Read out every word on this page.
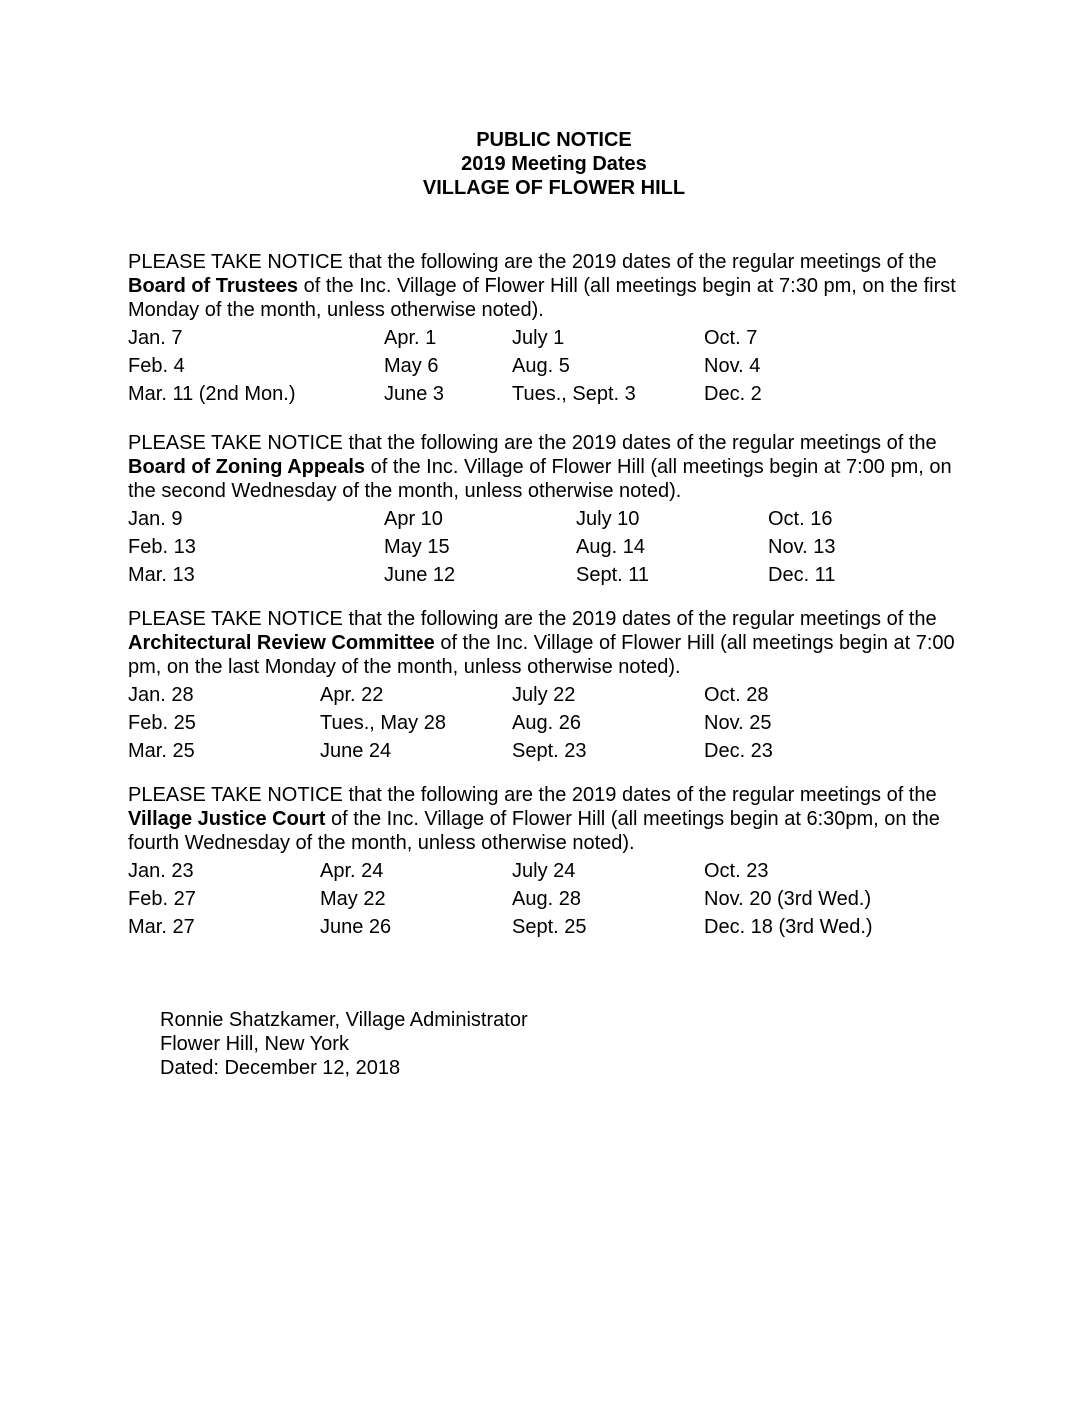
PUBLIC NOTICE
2019 Meeting Dates
VILLAGE OF FLOWER HILL

PLEASE TAKE NOTICE that the following are the 2019 dates of the regular meetings of the Board of Trustees of the Inc. Village of Flower Hill (all meetings begin at 7:30 pm, on the first Monday of the month, unless otherwise noted).

Jan. 7	Apr. 1	July 1	Oct. 7
Feb. 4	May 6	Aug. 5	Nov. 4
Mar. 11 (2nd Mon.)	June 3	Tues., Sept. 3	Dec. 2

PLEASE TAKE NOTICE that the following are the 2019 dates of the regular meetings of the Board of Zoning Appeals of the Inc. Village of Flower Hill (all meetings begin at 7:00 pm, on the second Wednesday of the month, unless otherwise noted).

Jan. 9	Apr 10	July 10	Oct. 16
Feb. 13	May 15	Aug. 14	Nov. 13
Mar. 13	June 12	Sept. 11	Dec. 11

PLEASE TAKE NOTICE that the following are the 2019 dates of the regular meetings of the Architectural Review Committee of the Inc. Village of Flower Hill (all meetings begin at 7:00 pm, on the last Monday of the month, unless otherwise noted).

Jan. 28	Apr. 22	July 22	Oct. 28
Feb. 25	Tues., May 28	Aug. 26	Nov. 25
Mar. 25	June 24	Sept. 23	Dec. 23

PLEASE TAKE NOTICE that the following are the 2019 dates of the regular meetings of the Village Justice Court of the Inc. Village of Flower Hill (all meetings begin at 6:30pm, on the fourth Wednesday of the month, unless otherwise noted).

Jan. 23	Apr. 24	July 24	Oct. 23
Feb. 27	May 22	Aug. 28	Nov. 20 (3rd Wed.)
Mar. 27	June 26	Sept. 25	Dec. 18 (3rd Wed.)
Ronnie Shatzkamer, Village Administrator
Flower Hill, New York
Dated: December 12, 2018
